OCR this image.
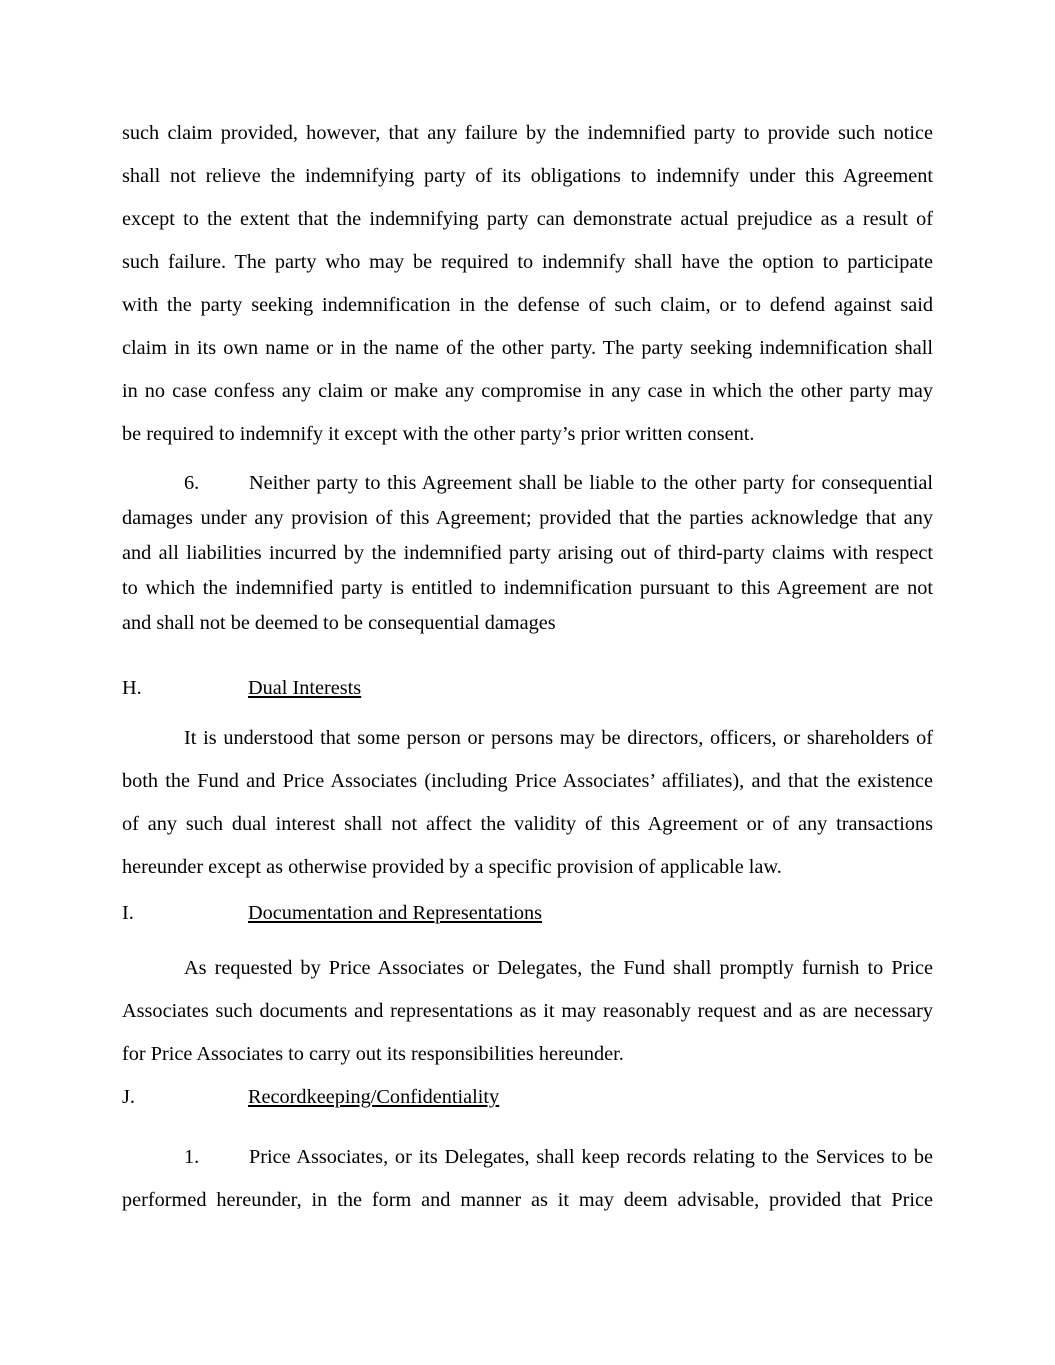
such claim provided, however, that any failure by the indemnified party to provide such notice
shall not relieve the indemnifying party of its obligations to indemnify under this Agreement
except to the extent that the indemnifying party can demonstrate actual prejudice as a result of
such failure. The party who may be required to indemnify shall have the option to participate
with the party seeking indemnification in the defense of such claim, or to defend against said
claim in its own name or in the name of the other party. The party seeking indemnification shall
in no case confess any claim or make any compromise in any case in which the other party may
be required to indemnify it except with the other party’s prior written consent.
6. Neither party to this Agreement shall be liable to the other party for consequential
damages under any provision of this Agreement; provided that the parties acknowledge that any
and all liabilities incurred by the indemnified party arising out of third-party claims with respect
to which the indemnified party is entitled to indemnification pursuant to this Agreement are not
and shall not be deemed to be consequential damages
H.	Dual Interests
It is understood that some person or persons may be directors, officers, or shareholders of
both the Fund and Price Associates (including Price Associates’ affiliates), and that the existence
of any such dual interest shall not affect the validity of this Agreement or of any transactions
hereunder except as otherwise provided by a specific provision of applicable law.
I.	Documentation and Representations
As requested by Price Associates or Delegates, the Fund shall promptly furnish to Price
Associates such documents and representations as it may reasonably request and as are necessary
for Price Associates to carry out its responsibilities hereunder.
J.	Recordkeeping/Confidentiality
1. Price Associates, or its Delegates, shall keep records relating to the Services to be
performed hereunder, in the form and manner as it may deem advisable, provided that Price
